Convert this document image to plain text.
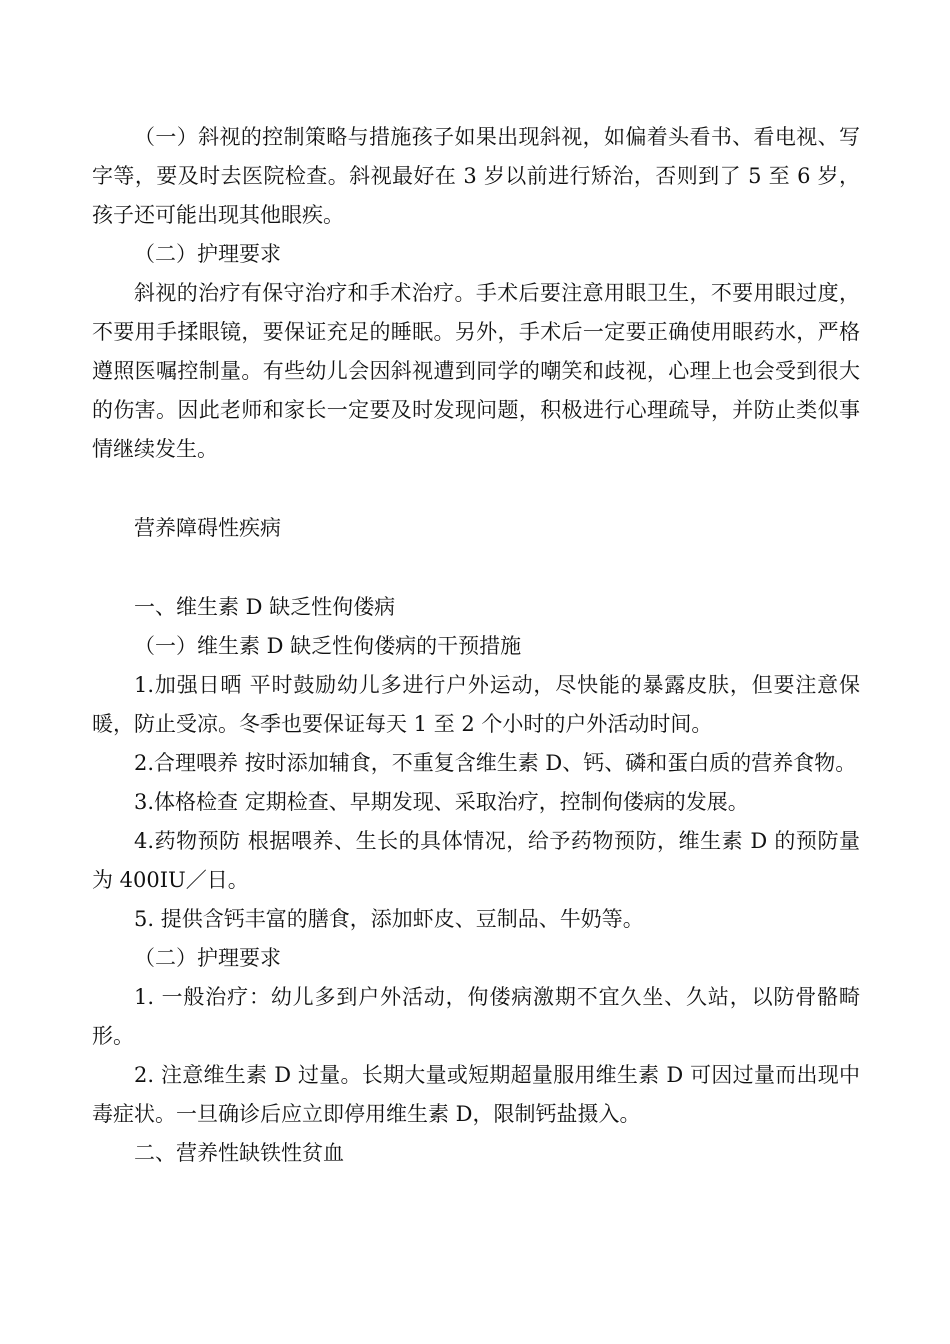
（一）斜视的控制策略与措施孩子如果出现斜视，如偏着头看书、看电视、写字等，要及时去医院检查。斜视最好在 3 岁以前进行矫治，否则到了 5 至 6 岁，孩子还可能出现其他眼疾。

（二）护理要求

斜视的治疗有保守治疗和手术治疗。手术后要注意用眼卫生，不要用眼过度，不要用手揉眼镜，要保证充足的睡眠。另外，手术后一定要正确使用眼药水，严格遵照医嘱控制量。有些幼儿会因斜视遭到同学的嘲笑和歧视，心理上也会受到很大的伤害。因此老师和家长一定要及时发现问题，积极进行心理疏导，并防止类似事情继续发生。

营养障碍性疾病

一、维生素 D 缺乏性佝偻病

（一）维生素 D 缺乏性佝偻病的干预措施

1.加强日晒 平时鼓励幼儿多进行户外运动，尽快能的暴露皮肤，但要注意保暖，防止受凉。冬季也要保证每天 1 至 2 个小时的户外活动时间。

2.合理喂养 按时添加辅食，不重复含维生素 D、钙、磷和蛋白质的营养食物。

3.体格检查 定期检查、早期发现、采取治疗，控制佝偻病的发展。

4.药物预防 根据喂养、生长的具体情况，给予药物预防，维生素 D 的预防量为 400IU／日。

5. 提供含钙丰富的膳食，添加虾皮、豆制品、牛奶等。

（二）护理要求

1. 一般治疗：幼儿多到户外活动，佝偻病激期不宜久坐、久站，以防骨骼畸形。

2. 注意维生素 D 过量。长期大量或短期超量服用维生素 D 可因过量而出现中毒症状。一旦确诊后应立即停用维生素 D，限制钙盐摄入。

二、营养性缺铁性贫血
